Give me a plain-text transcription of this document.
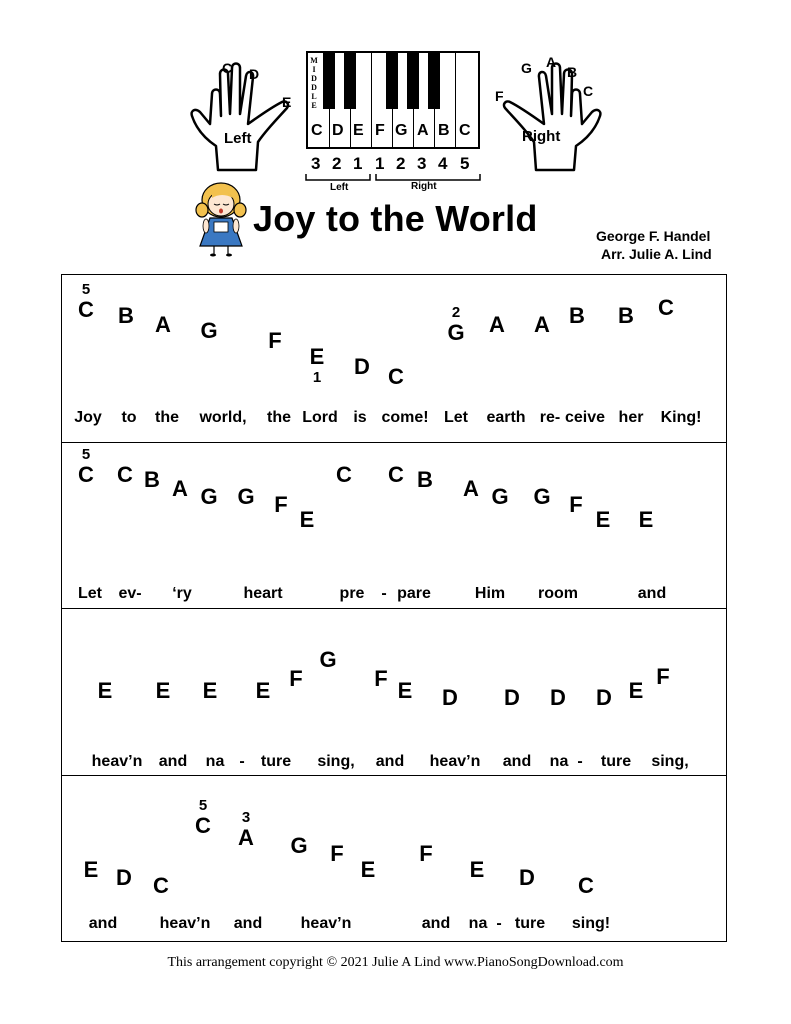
C D
E
Left
F
G A
B
C
Right
M
I
D
D
L
E
C D E F G A B C
3 2 1 1 2 3 4 5
Left	Right
Joy to the World	George F. Handel
Arr. Julie A. Lind
C
5
B A G F
E
1 D C
G
2 A A B B C
Joy to the world, the Lord is come! Let earth re- ceive her King!
C
5
C B A G G F
E
C C B A G G F
E E
Let ev- ‘ry	heart	pre - pare	Him room	and
E E E E F
G
F E D D D D E
F
heav’n and na - ture sing, and heav’n and na - ture sing,
C
5
A
3
G F
E
F
E D C
E D C
and	heav’n and heav’n	and na - ture sing!
This arrangement copyright © 2021 Julie A Lind www.PianoSongDownload.com
